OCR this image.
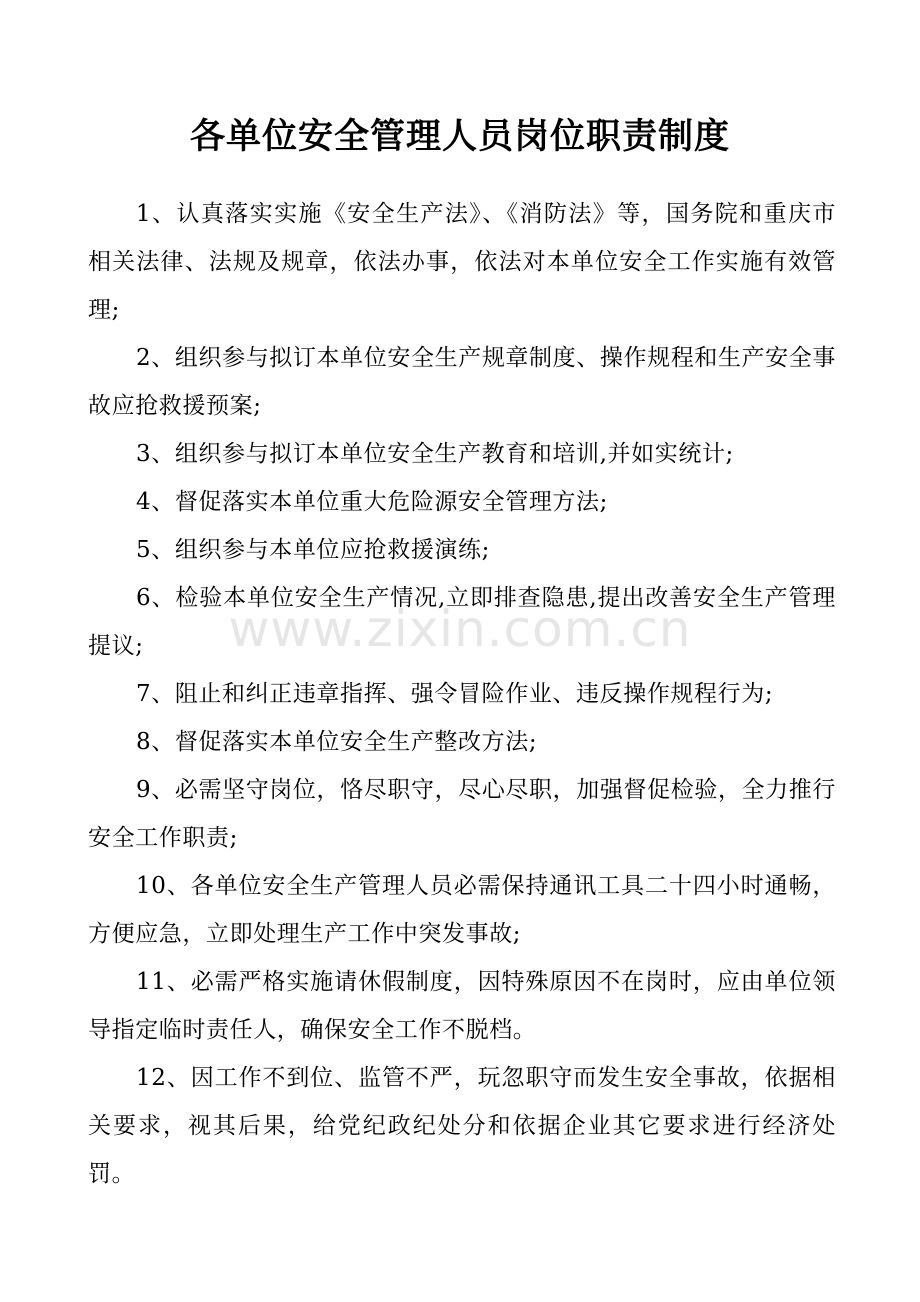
各单位安全管理人员岗位职责制度

1、认真落实实施《安全生产法》、《消防法》等，国务院和重庆市相关法律、法规及规章，依法办事，依法对本单位安全工作实施有效管理;

2、组织参与拟订本单位安全生产规章制度、操作规程和生产安全事故应抢救援预案;

3、组织参与拟订本单位安全生产教育和培训,并如实统计;

4、督促落实本单位重大危险源安全管理方法;

5、组织参与本单位应抢救援演练;

6、检验本单位安全生产情况,立即排查隐患,提出改善安全生产管理提议;

7、阻止和纠正违章指挥、强令冒险作业、违反操作规程行为;

8、督促落实本单位安全生产整改方法;

9、必需坚守岗位，恪尽职守，尽心尽职，加强督促检验，全力推行安全工作职责;

10、各单位安全生产管理人员必需保持通讯工具二十四小时通畅，方便应急，立即处理生产工作中突发事故;

11、必需严格实施请休假制度，因特殊原因不在岗时，应由单位领导指定临时责任人，确保安全工作不脱档。

12、因工作不到位、监管不严，玩忽职守而发生安全事故，依据相关要求，视其后果，给党纪政纪处分和依据企业其它要求进行经济处罚。

www.zixin.com.cn
